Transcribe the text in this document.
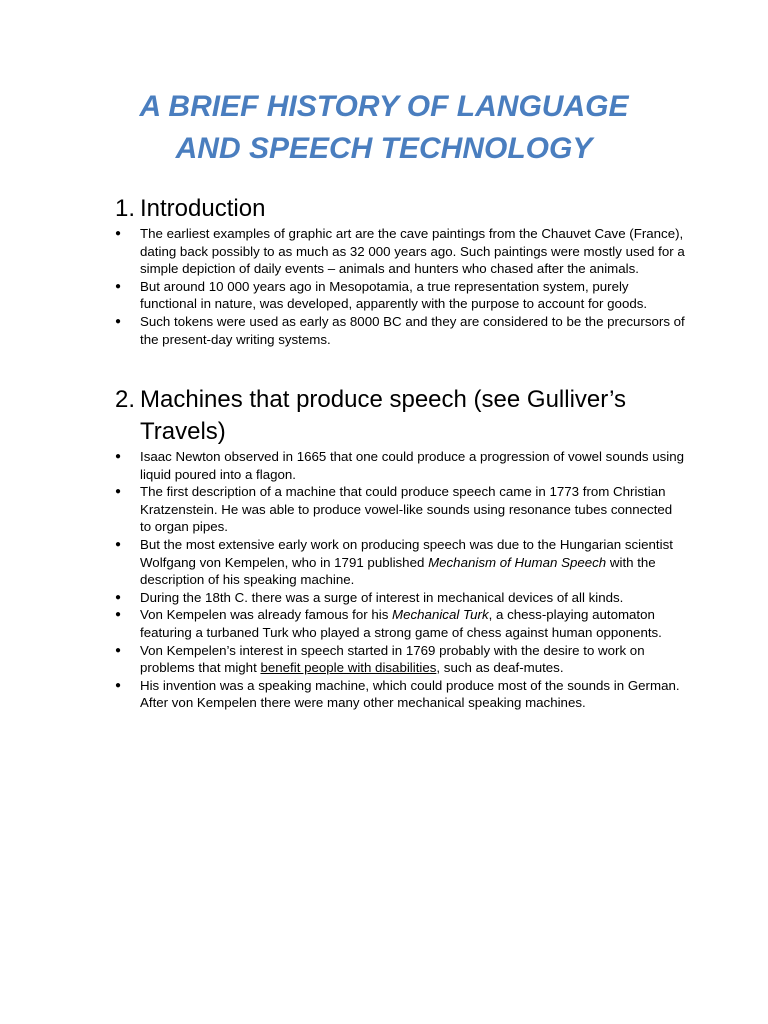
A BRIEF HISTORY OF LANGUAGE
AND SPEECH TECHNOLOGY
1. Introduction
● The earliest examples of graphic art are the cave paintings from the Chauvet Cave (France), dating back possibly to as much as 32 000 years ago. Such paintings were mostly used for a simple depiction of daily events – animals and hunters who chased after the animals.
● But around 10 000 years ago in Mesopotamia, a true representation system, purely functional in nature, was developed, apparently with the purpose to account for goods.
● Such tokens were used as early as 8000 BC and they are considered to be the precursors of the present-day writing systems.
2. Machines that produce speech (see Gulliver’s
Travels)
● Isaac Newton observed in 1665 that one could produce a progression of vowel sounds using liquid poured into a flagon.
● The first description of a machine that could produce speech came in 1773 from Christian Kratzenstein. He was able to produce vowel-like sounds using resonance tubes connected to organ pipes.
● But the most extensive early work on producing speech was due to the Hungarian scientist Wolfgang von Kempelen, who in 1791 published Mechanism of Human Speech with the description of his speaking machine.
● During the 18th C. there was a surge of interest in mechanical devices of all kinds.
● Von Kempelen was already famous for his Mechanical Turk, a chess-playing automaton featuring a turbaned Turk who played a strong game of chess against human opponents.
● Von Kempelen’s interest in speech started in 1769 probably with the desire to work on problems that might benefit people with disabilities, such as deaf-mutes.
● His invention was a speaking machine, which could produce most of the sounds in German. After von Kempelen there were many other mechanical speaking machines.
